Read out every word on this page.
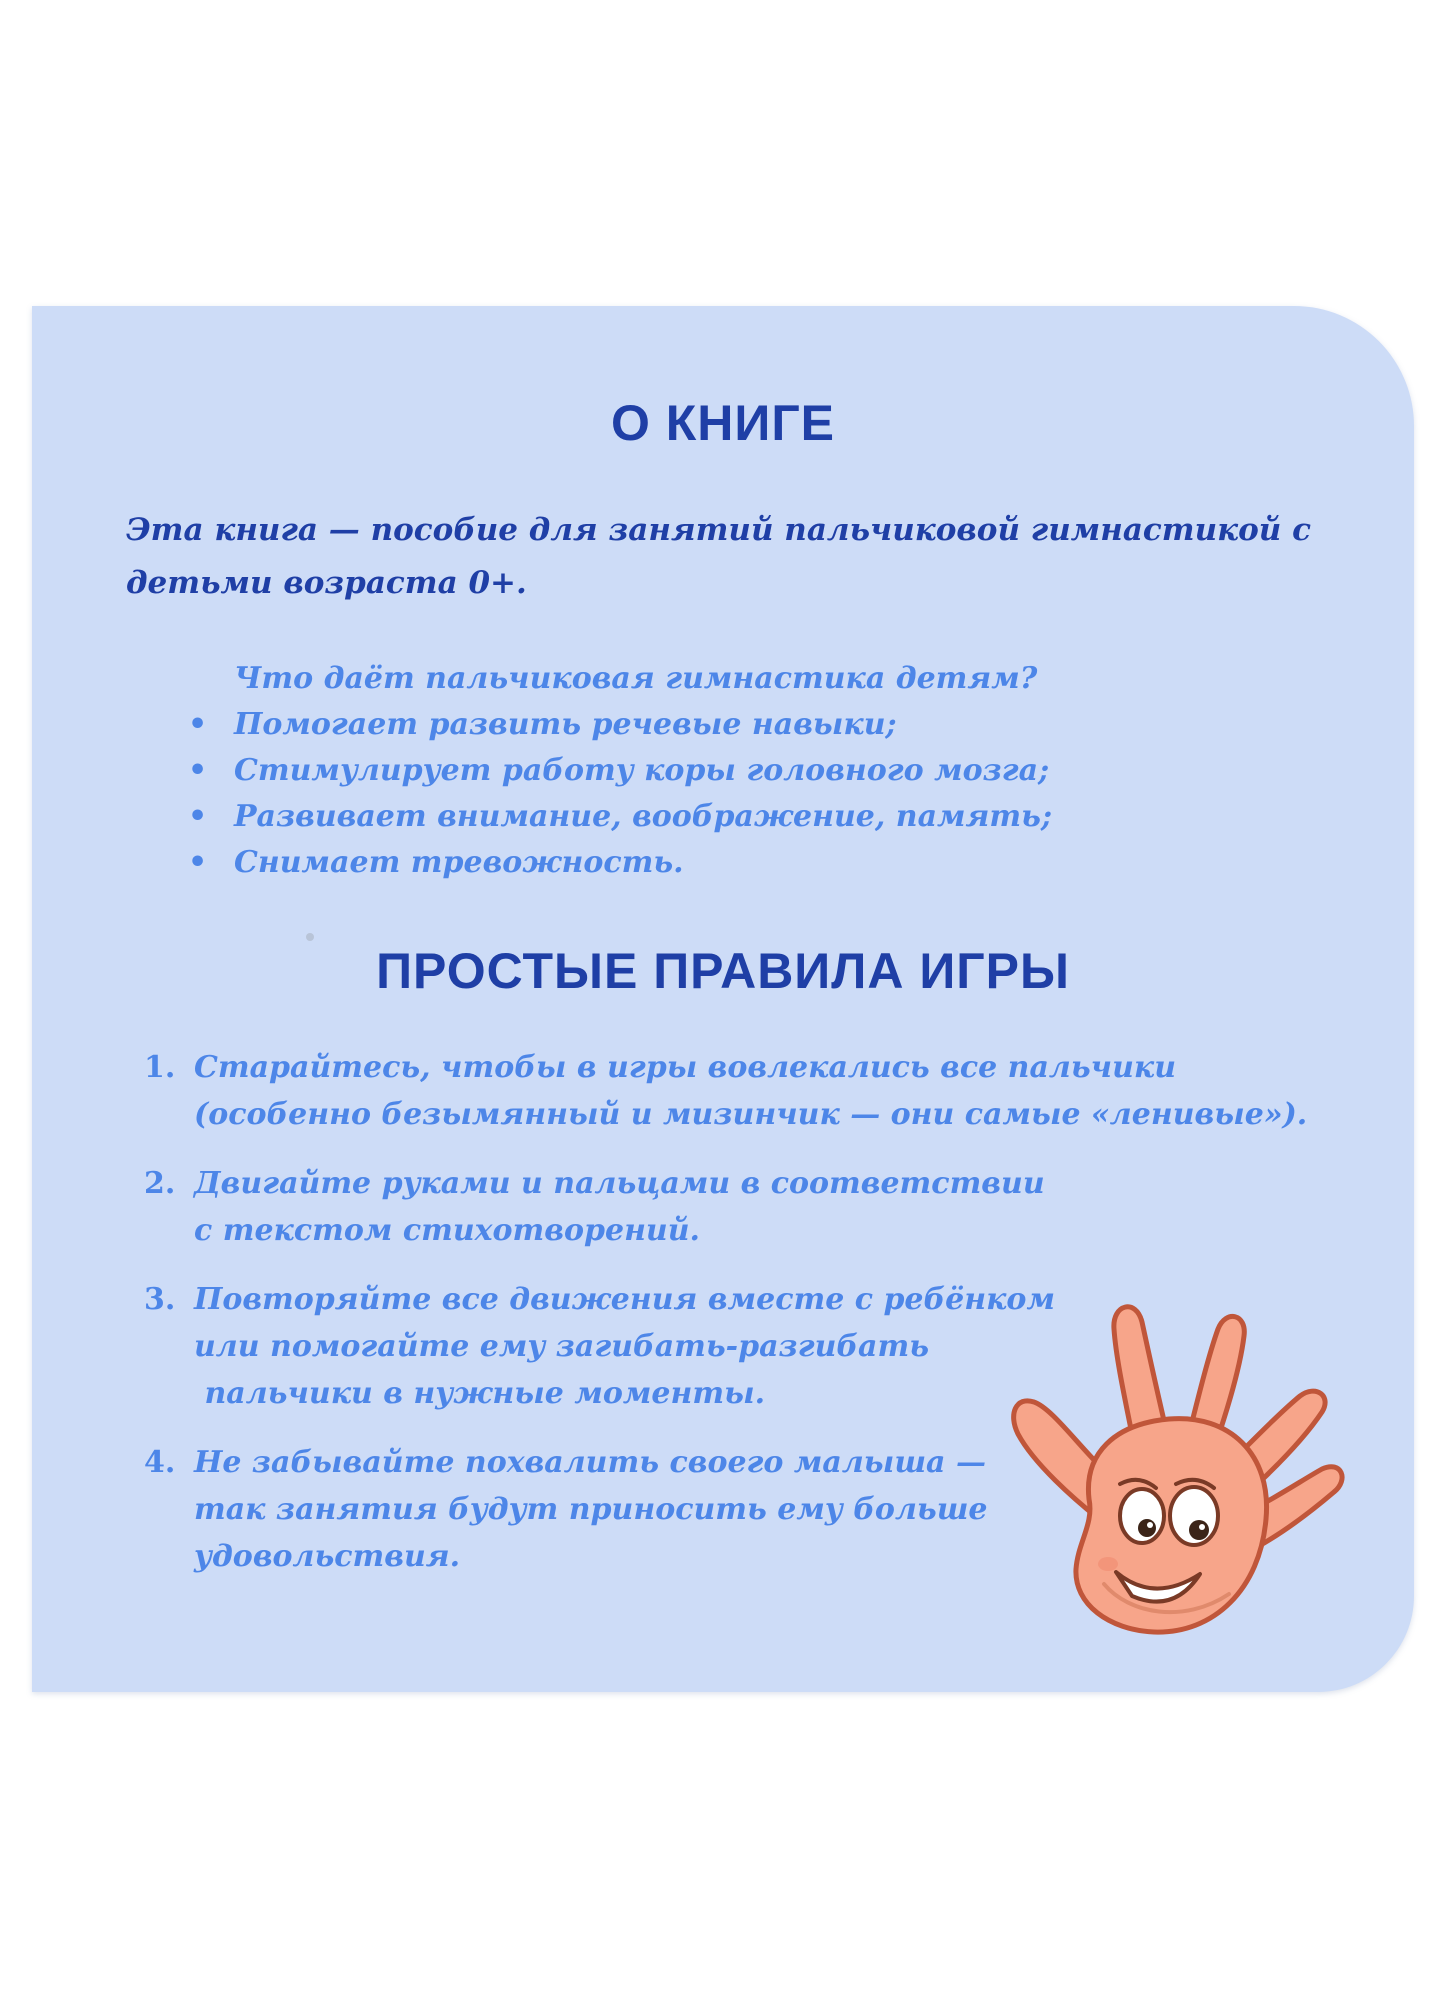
О КНИГЕ

Эта книга — пособие для занятий пальчиковой гимнастикой с детьми возраста 0+.

Что даёт пальчиковая гимнастика детям?

• Помогает развить речевые навыки;
• Стимулирует работу коры головного мозга;
• Развивает внимание, воображение, память;
• Снимает тревожность.
ПРОСТЫЕ ПРАВИЛА ИГРЫ
1. Старайтесь, чтобы в игры вовлекались все пальчики
(особенно безымянный и мизинчик — они самые «ленивые»).
2. Двигайте руками и пальцами в соответствии
с текстом стихотворений.
3. Повторяйте все движения вместе с ребёнком
или помогайте ему загибать-разгибать
пальчики в нужные моменты.
4. Не забывайте похвалить своего малыша —
так занятия будут приносить ему больше
удовольствия.
